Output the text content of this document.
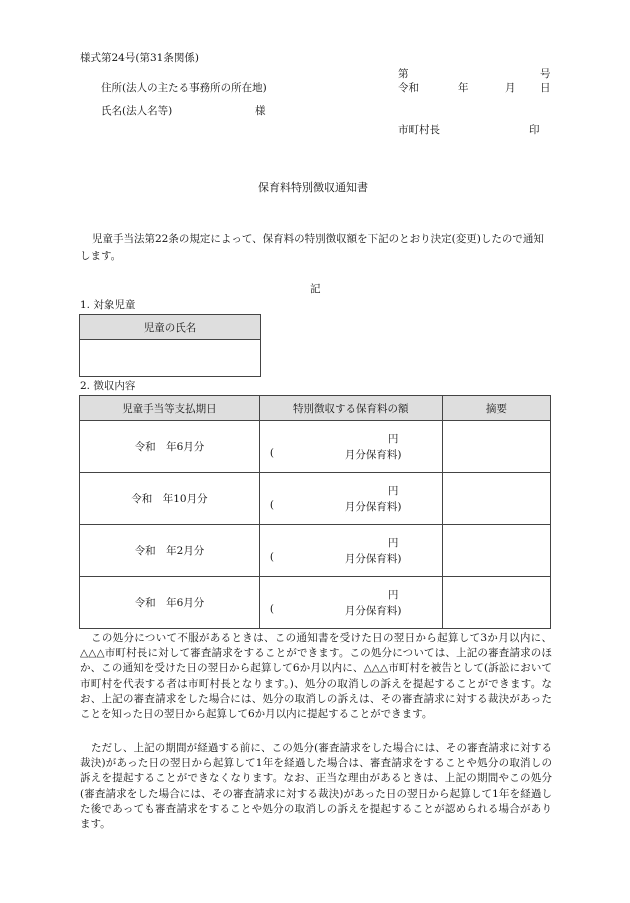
様式第24号(第31条関係)
住所(法人の主たる事務所の所在地)
氏名(法人名等)	様
第	号
令和	年	月 日
市町村長	印
保育料特別徴収通知書
児童手当法第22条の規定によって、保育料の特別徴収額を下記のとおり決定(変更)したので通知します。
記
1. 対象児童
児童の氏名

2. 徴収内容
児童手当等支払期日	特別徴収する保育料の額	摘要
令和　年6月分	円
( 月分保育料)	

令和　年10月分	円
( 月分保育料)	

令和　年2月分	円
( 月分保育料)	

令和　年6月分	円
( 月分保育料)	

この処分について不服があるときは、この通知書を受けた日の翌日から起算して3か月以内に、△△△市町村長に対して審査請求をすることができます。この処分については、上記の審査請求のほか、この通知を受けた日の翌日から起算して6か月以内に、△△△市町村を被告として(訴訟において市町村を代表する者は市町村長となります。)、処分の取消しの訴えを提起することができます。なお、上記の審査請求をした場合には、処分の取消しの訴えは、その審査請求に対する裁決があったことを知った日の翌日から起算して6か月以内に提起することができます。
ただし、上記の期間が経過する前に、この処分(審査請求をした場合には、その審査請求に対する裁決)があった日の翌日から起算して1年を経過した場合は、審査請求をすることや処分の取消しの訴えを提起することができなくなります。なお、正当な理由があるときは、上記の期間やこの処分(審査請求をした場合には、その審査請求に対する裁決)があった日の翌日から起算して1年を経過した後であっても審査請求をすることや処分の取消しの訴えを提起することが認められる場合があります。
